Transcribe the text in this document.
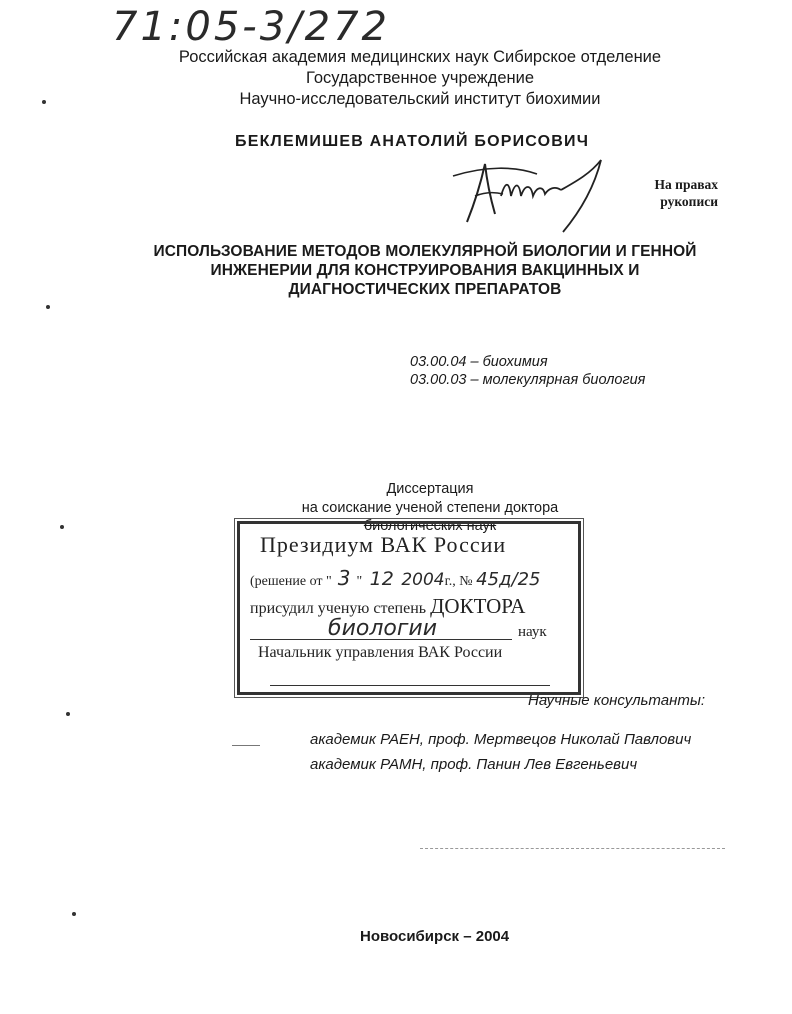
71:05-3/272
Российская академия медицинских наук Сибирское отделение
Государственное учреждение
Научно-исследовательский институт биохимии
БЕКЛЕМИШЕВ АНАТОЛИЙ БОРИСОВИЧ
На правах
рукописи
ИСПОЛЬЗОВАНИЕ МЕТОДОВ МОЛЕКУЛЯРНОЙ БИОЛОГИИ И ГЕННОЙ
ИНЖЕНЕРИИ ДЛЯ КОНСТРУИРОВАНИЯ ВАКЦИННЫХ И
ДИАГНОСТИЧЕСКИХ ПРЕПАРАТОВ
03.00.04 – биохимия
03.00.03 – молекулярная биология
Диссертация
на соискание ученой степени доктора
биологических наук
Президиум ВАК России
(решение от " 3 " 12 2004г., № 45д/25
присудил ученую степень ДОКТОРА
биологии	наук
Начальник управления ВАК России
Научные консультанты:
академик РАЕН, проф. Мертвецов Николай Павлович
академик РАМН, проф. Панин Лев Евгеньевич
Новосибирск – 2004
